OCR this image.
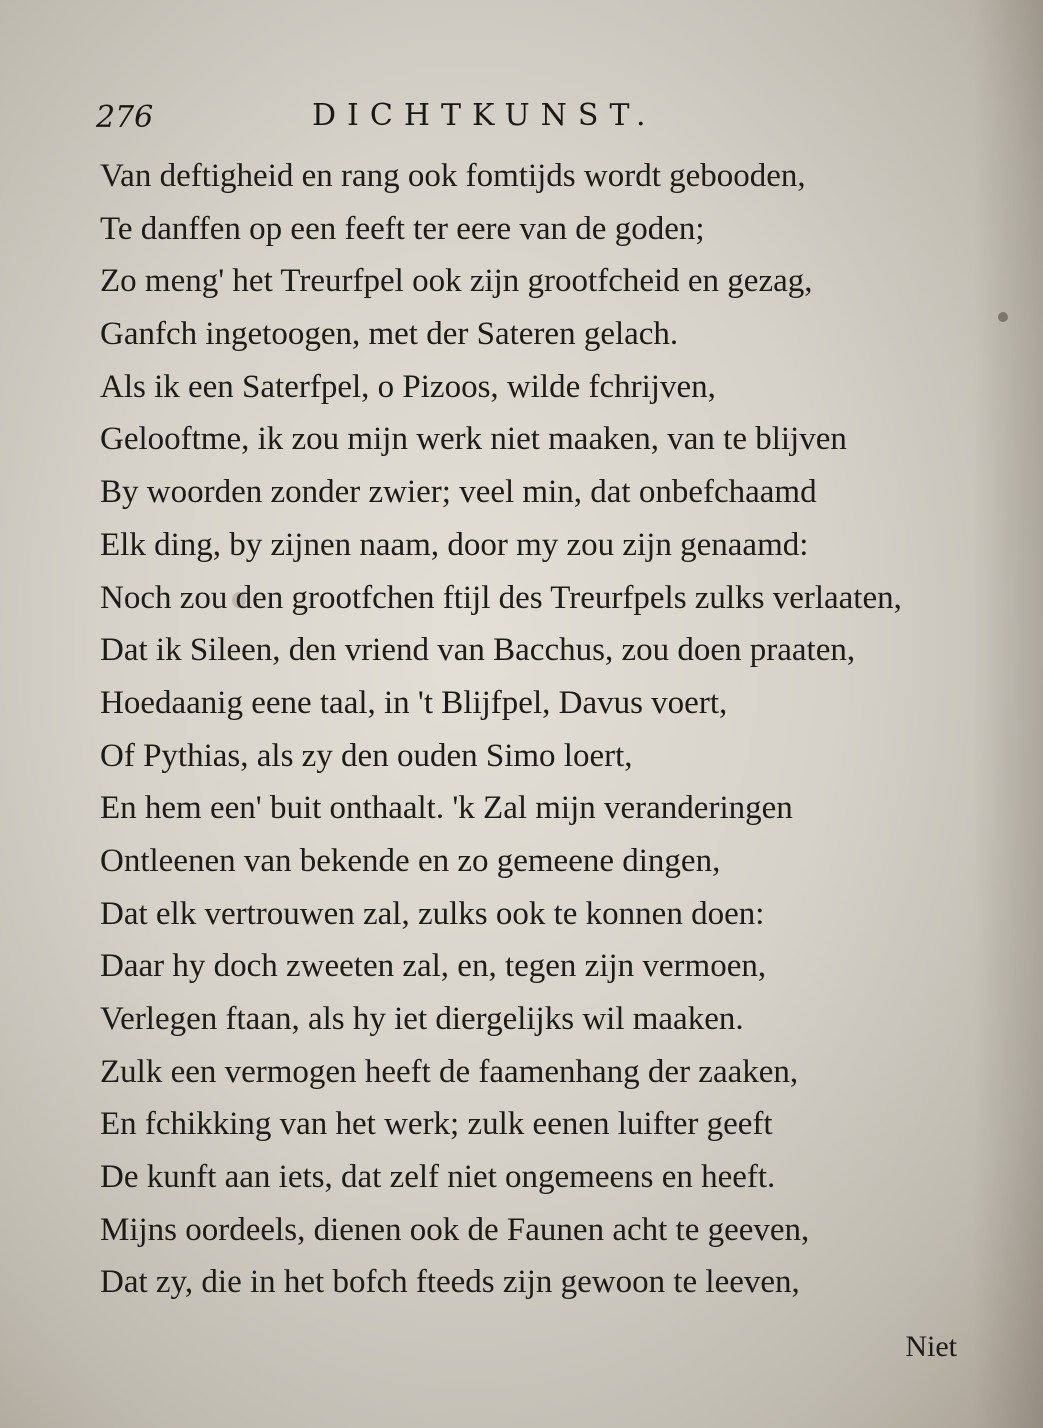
276	DICHTKUNST.
Van deftigheid en rang ook fomtijds wordt gebooden,
Te danffen op een feeft ter eere van de goden;
Zo meng' het Treurfpel ook zijn grootfcheid en gezag,
Ganfch ingetoogen, met der Sateren gelach.
Als ik een Saterfpel, o Pizoos, wilde fchrijven,
Gelooftme, ik zou mijn werk niet maaken, van te blijven
By woorden zonder zwier; veel min, dat onbefchaamd
Elk ding, by zijnen naam, door my zou zijn genaamd:
Noch zou den grootfchen ftijl des Treurfpels zulks verlaaten,
Dat ik Sileen, den vriend van Bacchus, zou doen praaten,
Hoedaanig eene taal, in 't Blijfpel, Davus voert,
Of Pythias, als zy den ouden Simo loert,
En hem een' buit onthaalt. 'k Zal mijn veranderingen
Ontleenen van bekende en zo gemeene dingen,
Dat elk vertrouwen zal, zulks ook te konnen doen:
Daar hy doch zweeten zal, en, tegen zijn vermoen,
Verlegen ftaan, als hy iet diergelijks wil maaken.
Zulk een vermogen heeft de faamenhang der zaaken,
En fchikking van het werk; zulk eenen luifter geeft
De kunft aan iets, dat zelf niet ongemeens en heeft.
Mijns oordeels, dienen ook de Faunen acht te geeven,
Dat zy, die in het bofch fteeds zijn gewoon te leeven,
Niet
